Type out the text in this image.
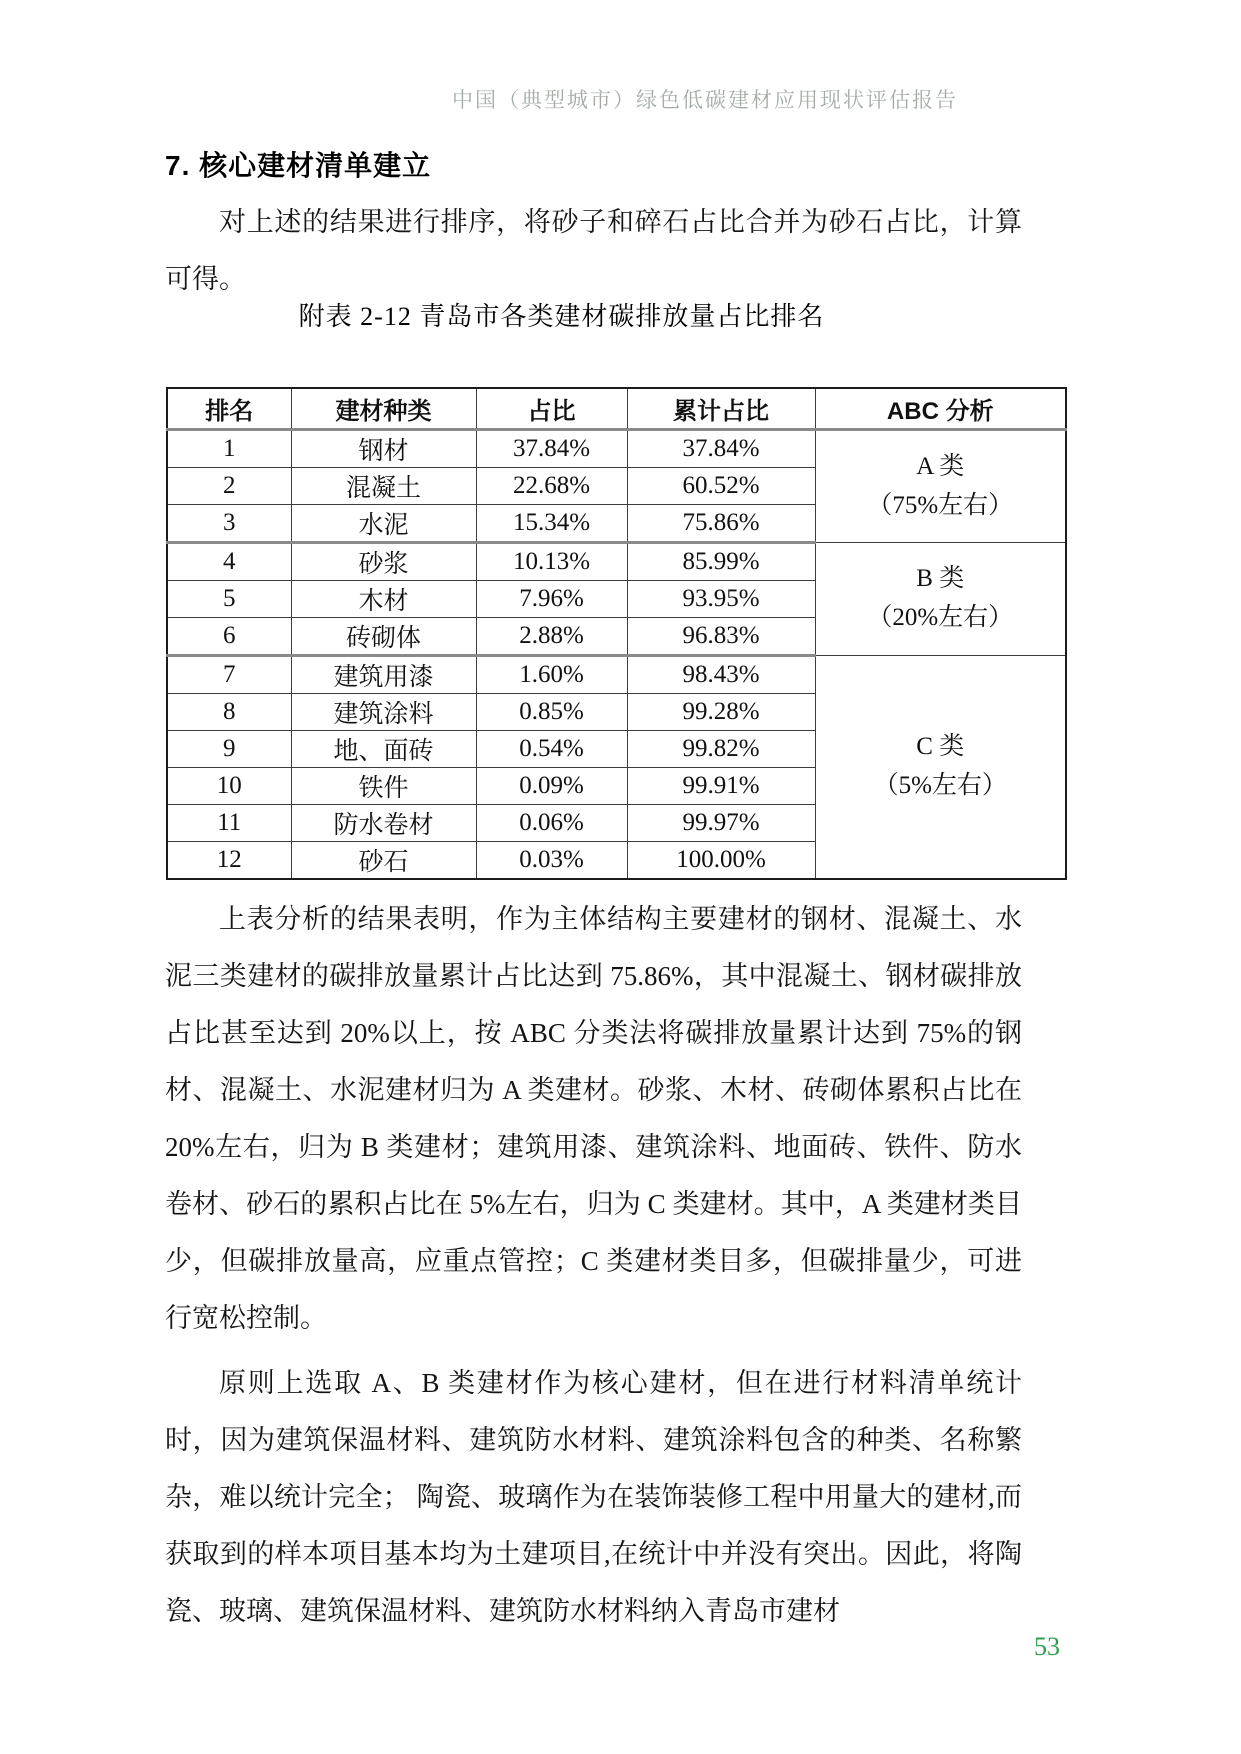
中国（典型城市）绿色低碳建材应用现状评估报告
7. 核心建材清单建立

对上述的结果进行排序，将砂子和碎石占比合并为砂石占比，计算可得。

附表 2-12 青岛市各类建材碳排放量占比排名
排名	建材种类	占比	累计占比	ABC 分析
1	钢材	37.84%	37.84%	A 类
（75%左右）

2	混凝土	22.68%	60.52%	
3	水泥	15.34%	75.86%	
4	砂浆	10.13%	85.99%	B 类
（20%左右）

5	木材	7.96%	93.95%	
6	砖砌体	2.88%	96.83%	
7	建筑用漆	1.60%	98.43%	C 类
（5%左右）

8	建筑涂料	0.85%	99.28%	
9	地、面砖	0.54%	99.82%	
10	铁件	0.09%	99.91%	
11	防水卷材	0.06%	99.97%	
12	砂石	0.03%	100.00%	

上表分析的结果表明，作为主体结构主要建材的钢材、混凝土、水泥三类建材的碳排放量累计占比达到 75.86%，其中混凝土、钢材碳排放占比甚至达到 20%以上，按 ABC 分类法将碳排放量累计达到 75%的钢材、混凝土、水泥建材归为 A 类建材。砂浆、木材、砖砌体累积占比在 20%左右，归为 B 类建材；建筑用漆、建筑涂料、地面砖、铁件、防水卷材、砂石的累积占比在 5%左右，归为 C 类建材。其中，A 类建材类目少，但碳排放量高，应重点管控；C 类建材类目多，但碳排量少，可进行宽松控制。

原则上选取 A、B 类建材作为核心建材，但在进行材料清单统计时，因为建筑保温材料、建筑防水材料、建筑涂料包含的种类、名称繁杂，难以统计完全； 陶瓷、玻璃作为在装饰装修工程中用量大的建材,而获取到的样本项目基本均为土建项目,在统计中并没有突出。因此，将陶瓷、玻璃、建筑保温材料、建筑防水材料纳入青岛市建材

53
